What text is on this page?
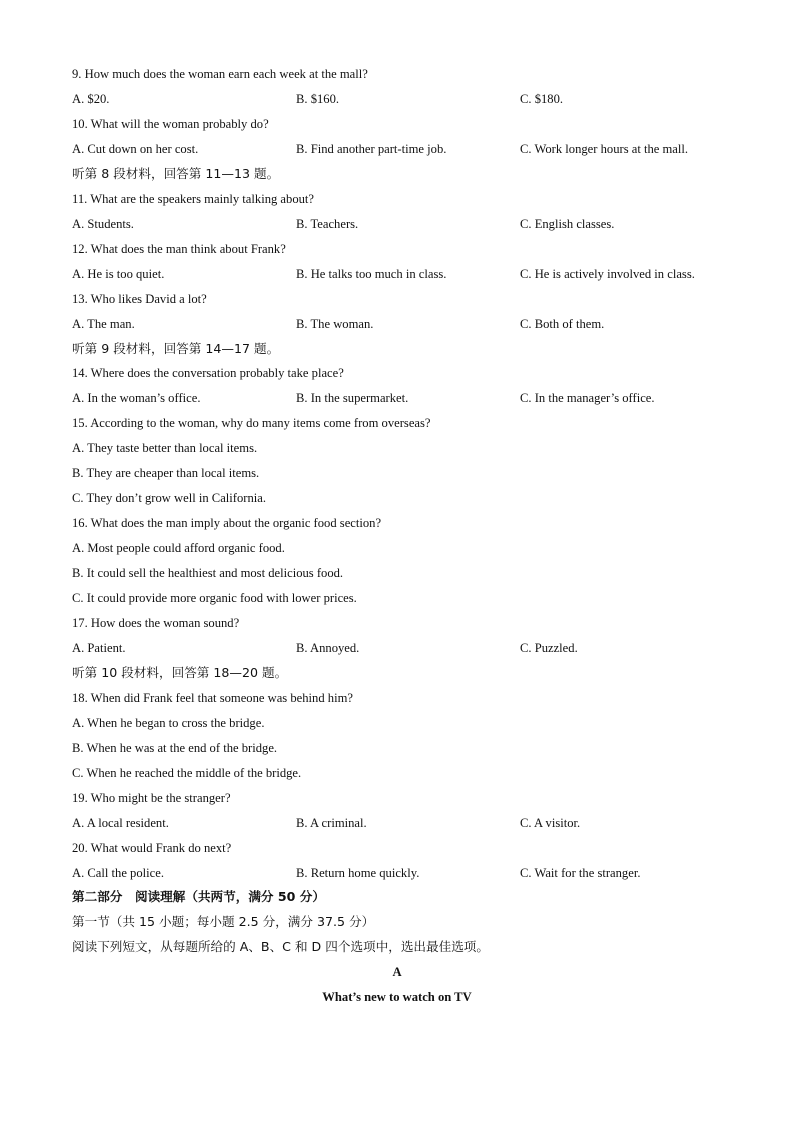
9. How much does the woman earn each week at the mall?
A. $20.	B. $160.	C. $180.
10. What will the woman probably do?
A. Cut down on her cost.	B. Find another part-time job.	C. Work longer hours at the mall.
听第 8 段材料，回答第 11—13 题。
11. What are the speakers mainly talking about?
A. Students.	B. Teachers.	C. English classes.
12. What does the man think about Frank?
A. He is too quiet.	B. He talks too much in class.	C. He is actively involved in class.
13. Who likes David a lot?
A. The man.	B. The woman.	C. Both of them.
听第 9 段材料，回答第 14—17 题。
14. Where does the conversation probably take place?
A. In the woman’s office.	B. In the supermarket.	C. In the manager’s office.
15. According to the woman, why do many items come from overseas?
A. They taste better than local items.
B. They are cheaper than local items.
C. They don’t grow well in California.
16. What does the man imply about the organic food section?
A. Most people could afford organic food.
B. It could sell the healthiest and most delicious food.
C. It could provide more organic food with lower prices.
17. How does the woman sound?
A. Patient.	B. Annoyed.	C. Puzzled.
听第 10 段材料，回答第 18—20 题。
18. When did Frank feel that someone was behind him?
A. When he began to cross the bridge.
B. When he was at the end of the bridge.
C. When he reached the middle of the bridge.
19. Who might be the stranger?
A. A local resident.	B. A criminal.	C. A visitor.
20. What would Frank do next?
A. Call the police.	B. Return home quickly.	C. Wait for the stranger.
第二部分　阅读理解（共两节，满分 50 分）
第一节（共 15 小题；每小题 2.5 分，满分 37.5 分）
阅读下列短文，从每题所给的 A、B、C 和 D 四个选项中，选出最佳选项。
A
What’s new to watch on TV
